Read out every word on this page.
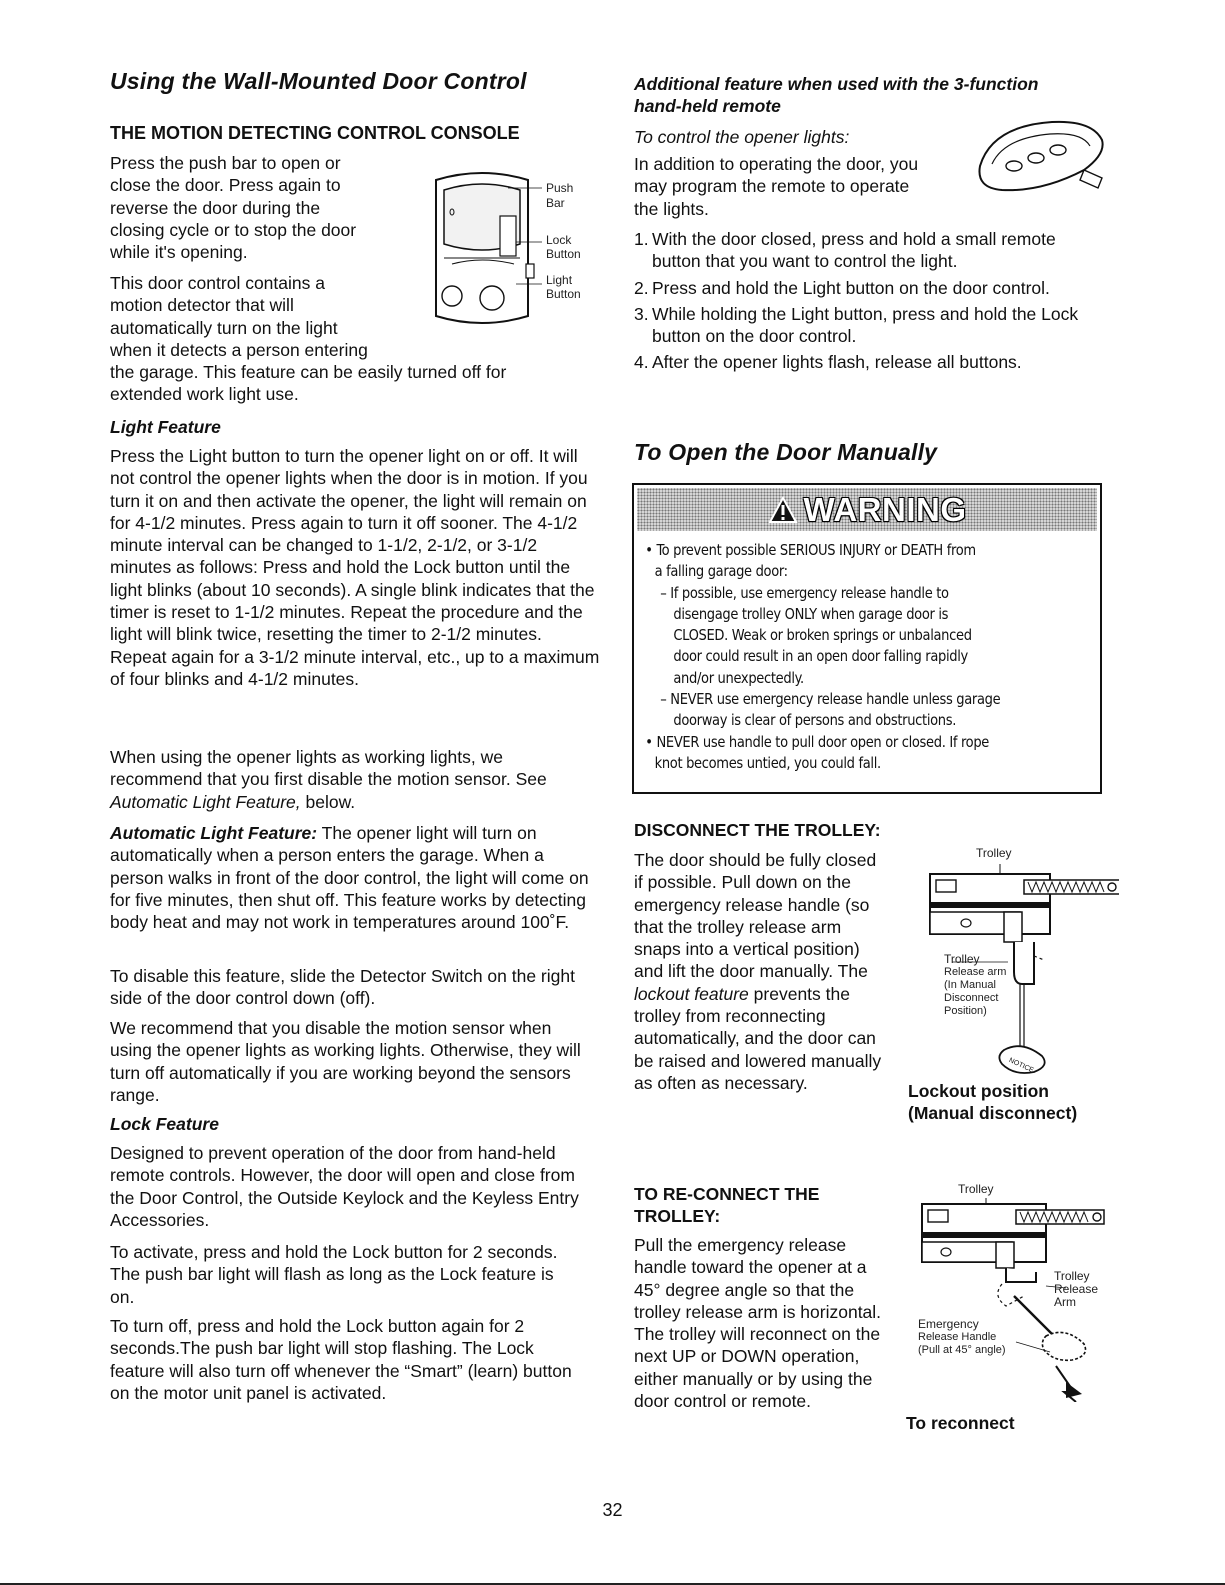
Using the Wall-Mounted Door Control
THE MOTION DETECTING CONTROL CONSOLE

Press the push bar to open or

close the door. Press again to

reverse the door during the

closing cycle or to stop the door

while it's opening.

This door control contains a

motion detector that will

automatically turn on the light

when it detects a person entering

the garage. This feature can be easily turned off for

extended work light use.

Push
Bar
Lock
Button
Light
Button
Light Feature

Press the Light button to turn the opener light on or off. It will not control the opener lights when the door is in motion. If you turn it on and then activate the opener, the light will remain on for 4-1/2 minutes. Press again to turn it off sooner. The 4-1/2 minute interval can be changed to 1-1/2, 2-1/2, or 3-1/2 minutes as follows: Press and hold the Lock button until the light blinks (about 10 seconds). A single blink indicates that the timer is reset to 1-1/2 minutes. Repeat the procedure and the light will blink twice, resetting the timer to 2-1/2 minutes. Repeat again for a 3-1/2 minute interval, etc., up to a maximum of four blinks and 4-1/2 minutes.

When using the opener lights as working lights, we recommend that you first disable the motion sensor. See Automatic Light Feature, below.

Automatic Light Feature: The opener light will turn on automatically when a person enters the garage. When a person walks in front of the door control, the light will come on for five minutes, then shut off. This feature works by detecting body heat and may not work in temperatures around 100˚F.

To disable this feature, slide the Detector Switch on the right side of the door control down (off).

We recommend that you disable the motion sensor when using the opener lights as working lights. Otherwise, they will turn off automatically if you are working beyond the sensors range.

Lock Feature

Designed to prevent operation of the door from hand-held remote controls. However, the door will open and close from the Door Control, the Outside Keylock and the Keyless Entry Accessories.

To activate, press and hold the Lock button for 2 seconds. The push bar light will flash as long as the Lock feature is on.

To turn off, press and hold the Lock button again for 2 seconds.The push bar light will stop flashing. The Lock feature will also turn off whenever the “Smart” (learn) button on the motor unit panel is activated.

Additional feature when used with the 3-function
hand-held remote

To control the opener lights:

In addition to operating the door, you

may program the remote to operate

the lights.

1. With the door closed, press and hold a small remote button that you want to control the light.
2. Press and hold the Light button on the door control.
3. While holding the Light button, press and hold the Lock button on the door control.
4. After the opener lights flash, release all buttons.
To Open the Door Manually
DISCONNECT THE TROLLEY:

The door should be fully closed if possible. Pull down on the emergency release handle (so that the trolley release arm snaps into a vertical position) and lift the door manually. The lockout feature prevents the trolley from reconnecting automatically, and the door can be raised and lowered manually as often as necessary.

Trolley
NOTICE
Trolley
Release arm
(In Manual
Disconnect
Position)
Lockout position
(Manual disconnect)
TO RE-CONNECT THE
TROLLEY:

Pull the emergency release handle toward the opener at a 45° degree angle so that the trolley release arm is horizontal. The trolley will reconnect on the next UP or DOWN operation, either manually or by using the door control or remote.

Trolley
Trolley
Release
Arm
Emergency
Release Handle
(Pull at 45° angle)
To reconnect
WARNING
• To prevent possible SERIOUS INJURY or DEATH from
a falling garage door:
– If possible, use emergency release handle to
disengage trolley ONLY when garage door is
CLOSED. Weak or broken springs or unbalanced
door could result in an open door falling rapidly
and/or unexpectedly.
– NEVER use emergency release handle unless garage
doorway is clear of persons and obstructions.
• NEVER use handle to pull door open or closed. If rope
knot becomes untied, you could fall.
32
